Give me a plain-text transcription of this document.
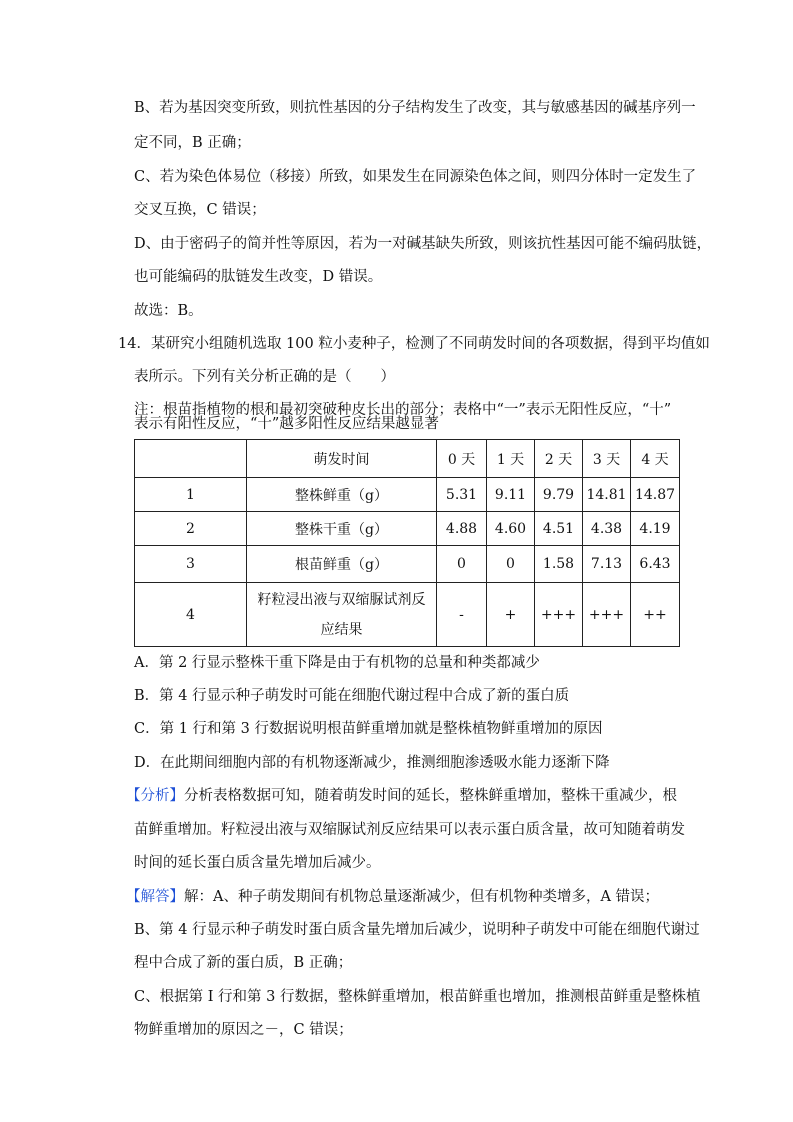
B、若为基因突变所致，则抗性基因的分子结构发生了改变，其与敏感基因的碱基序列一
定不同，B 正确；
C、若为染色体易位（移接）所致，如果发生在同源染色体之间，则四分体时一定发生了
交叉互换，C 错误；
D、由于密码子的简并性等原因，若为一对碱基缺失所致，则该抗性基因可能不编码肽链，
也可能编码的肽链发生改变，D 错误。
故选：B。
14．某研究小组随机选取 100 粒小麦种子，检测了不同萌发时间的各项数据，得到平均值如
表所示。下列有关分析正确的是（　　）
注：根苗指植物的根和最初突破种皮长出的部分；表格中“一”表示无阳性反应，“十”
表示有阳性反应，“十”越多阳性反应结果越显著
	萌发时间	0 天	1 天	2 天	3 天	4 天
1	整株鲜重（g）	5.31	9.11	9.79	14.81	14.87
2	整株干重（g）	4.88	4.60	4.51	4.38	4.19
3	根苗鲜重（g）	0	0	1.58	7.13	6.43
4	籽粒浸出液与双缩脲试剂反应结果	-	+	+++	+++	++
A．第 2 行显示整株干重下降是由于有机物的总量和种类都减少
B．第 4 行显示种子萌发时可能在细胞代谢过程中合成了新的蛋白质
C．第 1 行和第 3 行数据说明根苗鲜重增加就是整株植物鲜重增加的原因
D．在此期间细胞内部的有机物逐渐减少，推测细胞渗透吸水能力逐渐下降
【分析】分析表格数据可知，随着萌发时间的延长，整株鲜重增加，整株干重减少，根
苗鲜重增加。籽粒浸出液与双缩脲试剂反应结果可以表示蛋白质含量，故可知随着萌发
时间的延长蛋白质含量先增加后减少。
【解答】解：A、种子萌发期间有机物总量逐渐减少，但有机物种类增多，A 错误；
B、第 4 行显示种子萌发时蛋白质含量先增加后减少，说明种子萌发中可能在细胞代谢过
程中合成了新的蛋白质，B 正确；
C、根据第 I 行和第 3 行数据，整株鲜重增加，根苗鲜重也增加，推测根苗鲜重是整株植
物鲜重增加的原因之－，C 错误；
